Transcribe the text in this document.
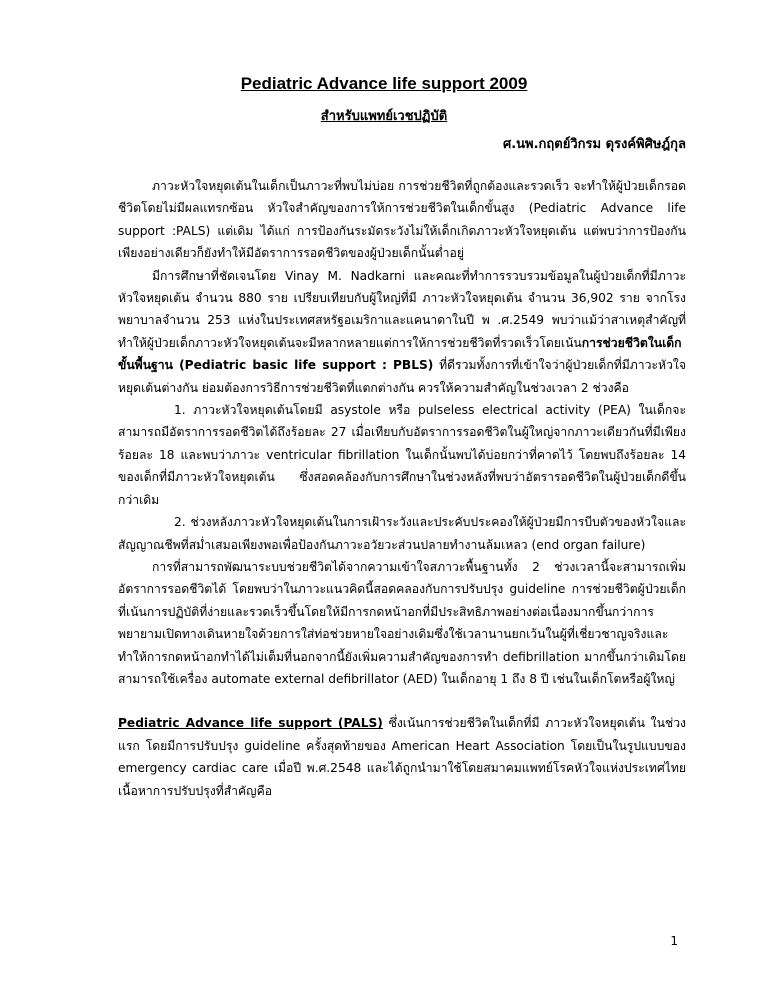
Pediatric Advance life support 2009
สำหรับแพทย์เวชปฏิบัติ
ศ.นพ.กฤตย์วิกรม ดุรงค์พิศิษฎ์กุล

ภาวะหัวใจหยุดเต้นในเด็กเป็นภาวะที่พบไม่บ่อย การช่วยชีวิตที่ถูกต้องและรวดเร็ว จะทำให้ผู้ป่วยเด็กรอดชีวิตโดยไม่มีผลแทรกซ้อน หัวใจสำคัญของการให้การช่วยชีวิตในเด็กขั้นสูง (Pediatric Advance life support :PALS) แต่เดิม ได้แก่ การป้องกันระมัดระวังไม่ให้เด็กเกิดภาวะหัวใจหยุดเต้น แต่พบว่าการป้องกันเพียงอย่างเดียวก็ยังทำให้มีอัตราการรอดชีวิตของผู้ป่วยเด็กนั้นต่ำอยู่

มีการศึกษาที่ชัดเจนโดย Vinay M. Nadkarni และคณะที่ทำการรวบรวมข้อมูลในผู้ป่วยเด็กที่มีภาวะหัวใจหยุดเต้น จำนวน 880 ราย เปรียบเทียบกับผู้ใหญ่ที่มี ภาวะหัวใจหยุดเต้น จำนวน 36,902 ราย จากโรงพยาบาลจำนวน 253 แห่งในประเทศสหรัฐอเมริกาและแคนาดาในปี พ .ศ.2549 พบว่าแม้ว่าสาเหตุสำคัญที่ทำให้ผู้ป่วยเด็กภาวะหัวใจหยุดเต้นจะมีหลากหลายแต่การให้การช่วยชีวิตที่รวดเร็วโดยเน้นการช่วยชีวิตในเด็กขั้นพื้นฐาน (Pediatric basic life support : PBLS) ที่ดีรวมทั้งการที่เข้าใจว่าผู้ป่วยเด็กที่มีภาวะหัวใจหยุดเต้นต่างกัน ย่อมต้องการวิธีการช่วยชีวิตที่แตกต่างกัน ควรให้ความสำคัญในช่วงเวลา 2 ช่วงคือ

1. ภาวะหัวใจหยุดเต้นโดยมี asystole หรือ pulseless electrical activity (PEA) ในเด็กจะสามารถมีอัตราการรอดชีวิตได้ถึงร้อยละ 27 เมื่อเทียบกับอัตราการรอดชีวิตในผู้ใหญ่จากภาวะเดียวกันที่มีเพียงร้อยละ 18 และพบว่าภาวะ ventricular fibrillation ในเด็กนั้นพบได้บ่อยกว่าที่คาดไว้ โดยพบถึงร้อยละ 14 ของเด็กที่มีภาวะหัวใจหยุดเต้น ซึ่งสอดคล้องกับการศึกษาในช่วงหลังที่พบว่าอัตรารอดชีวิตในผู้ป่วยเด็กดีขึ้นกว่าเดิม

2. ช่วงหลังภาวะหัวใจหยุดเต้นในการเฝ้าระวังและประคับประคองให้ผู้ป่วยมีการบีบตัวของหัวใจและสัญญาณชีพที่สม่ำเสมอเพียงพอเพื่อป้องกันภาวะอวัยวะส่วนปลายทำงานล้มเหลว (end organ failure)

การที่สามารถพัฒนาระบบช่วยชีวิตได้จากความเข้าใจสภาวะพื้นฐานทั้ง 2 ช่วงเวลานี้จะสามารถเพิ่มอัตราการรอดชีวิตได้ โดยพบว่าในภาวะแนวคิดนี้สอดคลองกับการปรับปรุง guideline การช่วยชีวิตผู้ป่วยเด็กที่เน้นการปฏิบัติที่ง่ายและรวดเร็วขึ้นโดยให้มีการกดหน้าอกที่มีประสิทธิภาพอย่างต่อเนื่องมากขึ้นกว่าการพยายามเปิดทางเดินหายใจด้วยการใส่ท่อช่วยหายใจอย่างเดิมซึ่งใช้เวลานานยกเว้นในผู้ที่เชี่ยวชาญจริงและทำให้การกดหน้าอกทำได้ไม่เต็มที่นอกจากนี้ยังเพิ่มความสำคัญของการทำ defibrillation มากขึ้นกว่าเดิมโดยสามารถใช้เครื่อง automate external defibrillator (AED) ในเด็กอายุ 1 ถึง 8 ปี เช่นในเด็กโตหรือผู้ใหญ่

Pediatric Advance life support (PALS) ซึ่งเน้นการช่วยชีวิตในเด็กที่มี ภาวะหัวใจหยุดเต้น ในช่วงแรก โดยมีการปรับปรุง guideline ครั้งสุดท้ายของ American Heart Association โดยเป็นในรูปแบบของ emergency cardiac care เมื่อปี พ.ศ.2548 และได้ถูกนำมาใช้โดยสมาคมแพทย์โรคหัวใจแห่งประเทศไทย เนื้อหาการปรับปรุงที่สำคัญคือ

1
